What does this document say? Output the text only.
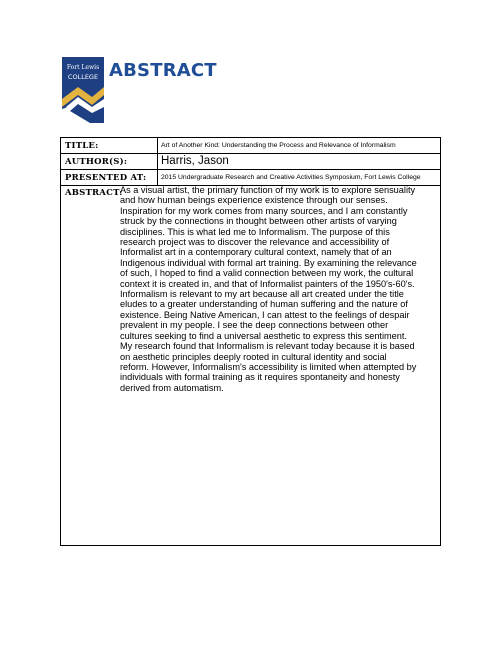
Fort Lewis
COLLEGE ABSTRACT
TITLE:	Art of Another Kind: Understanding the Process and Relevance of Informalism
AUTHOR(S):	Harris, Jason
PRESENTED AT: 2015 Undergraduate Research and Creative Activities Symposium, Fort Lewis College
ABSTRACT:
As a visual artist, the primary function of my work is to explore sensuality
and how human beings experience existence through our senses.
Inspiration for my work comes from many sources, and I am constantly
struck by the connections in thought between other artists of varying
disciplines. This is what led me to Informalism. The purpose of this
research project was to discover the relevance and accessibility of
Informalist art in a contemporary cultural context, namely that of an
Indigenous individual with formal art training. By examining the relevance
of such, I hoped to find a valid connection between my work, the cultural
context it is created in, and that of Informalist painters of the 1950's-60's.
Informalism is relevant to my art because all art created under the title
eludes to a greater understanding of human suffering and the nature of
existence. Being Native American, I can attest to the feelings of despair
prevalent in my people. I see the deep connections between other
cultures seeking to find a universal aesthetic to express this sentiment.
My research found that Informalism is relevant today because it is based
on aesthetic principles deeply rooted in cultural identity and social
reform. However, Informalism's accessibility is limited when attempted by
individuals with formal training as it requires spontaneity and honesty
derived from automatism.
